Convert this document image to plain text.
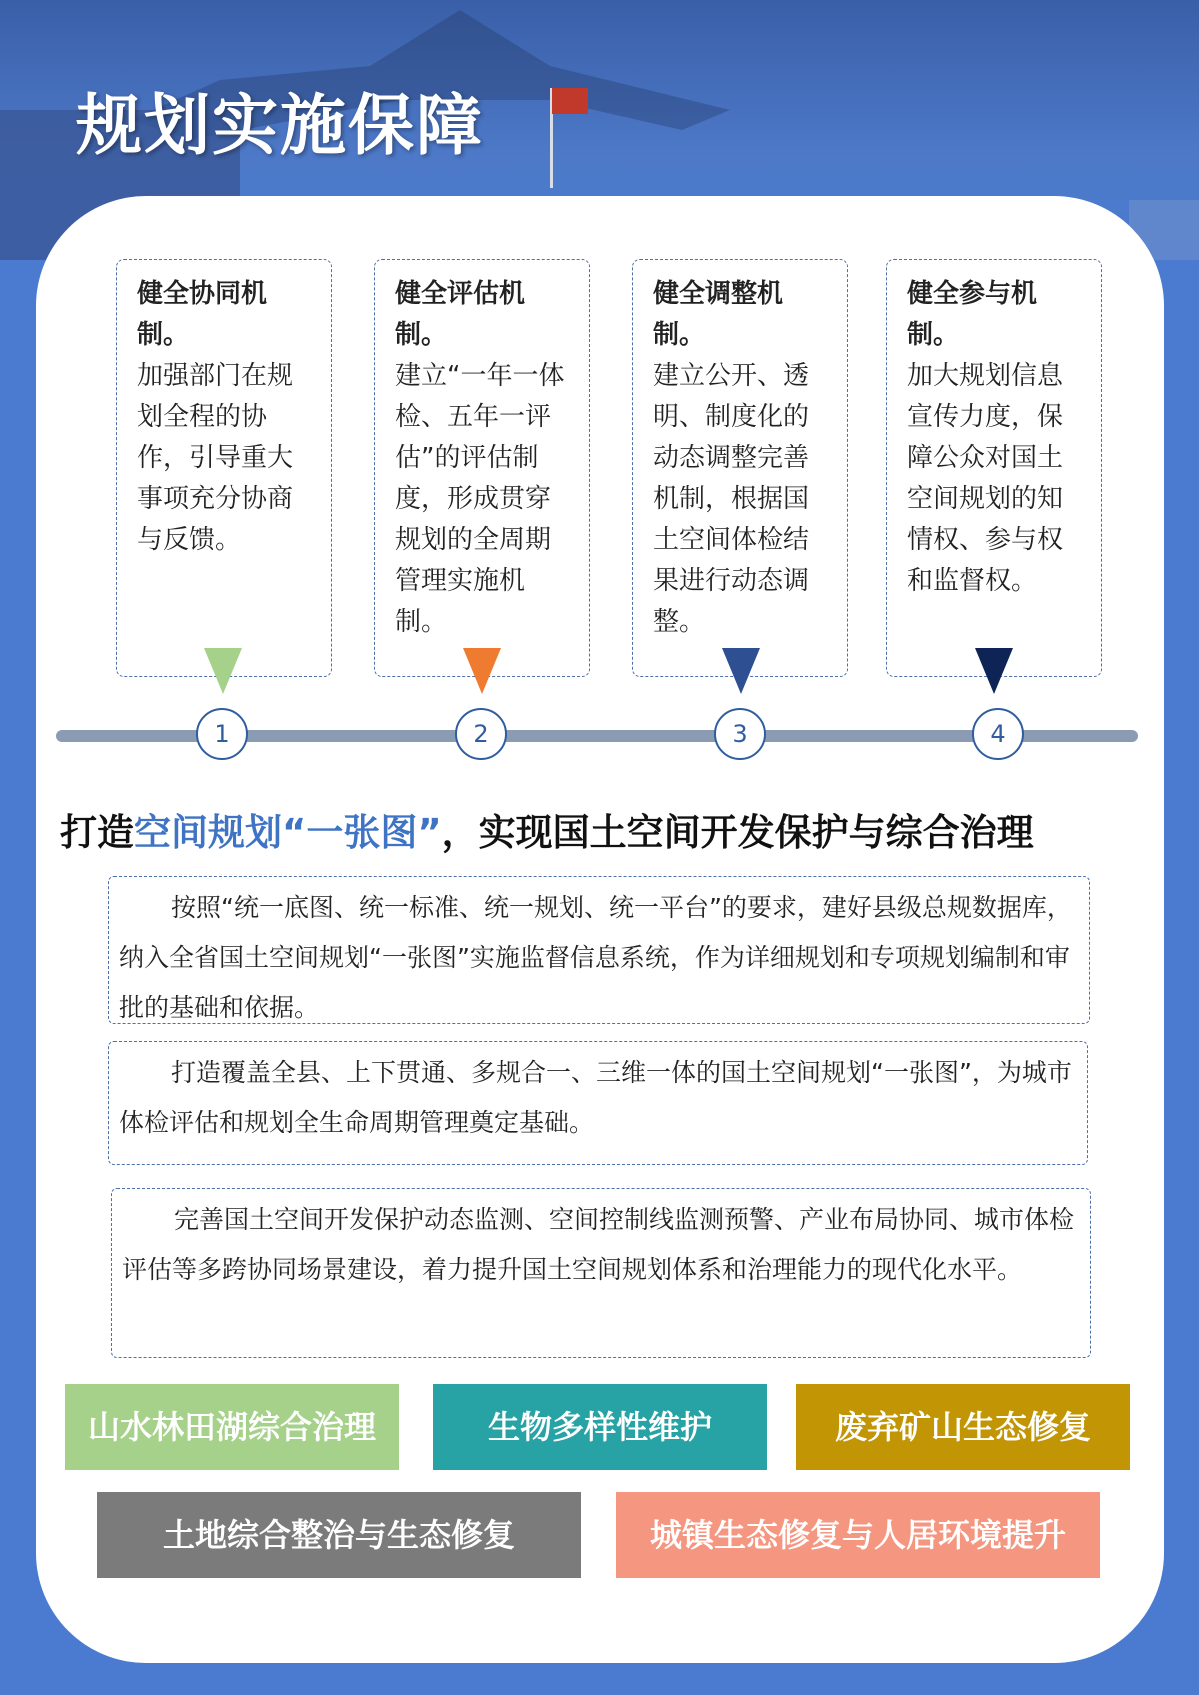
规划实施保障
健全协同机制。
加强部门在规划全程的协作，引导重大事项充分协商与反馈。
健全评估机制。
建立“一年一体检、五年一评估”的评估制度，形成贯穿规划的全周期管理实施机制。
健全调整机制。
建立公开、透明、制度化的动态调整完善机制，根据国土空间体检结果进行动态调整。
健全参与机制。
加大规划信息宣传力度，保障公众对国土空间规划的知情权、参与权和监督权。
1	2	3	4
打造空间规划“一张图”，实现国土空间开发保护与综合治理
按照“统一底图、统一标准、统一规划、统一平台”的要求，建好县级总规数据库，纳入全省国土空间规划“一张图”实施监督信息系统，作为详细规划和专项规划编制和审批的基础和依据。
打造覆盖全县、上下贯通、多规合一、三维一体的国土空间规划“一张图”，为城市体检评估和规划全生命周期管理奠定基础。
完善国土空间开发保护动态监测、空间控制线监测预警、产业布局协同、城市体检评估等多跨协同场景建设，着力提升国土空间规划体系和治理能力的现代化水平。
山水林田湖综合治理	生物多样性维护	废弃矿山生态修复
土地综合整治与生态修复	城镇生态修复与人居环境提升
